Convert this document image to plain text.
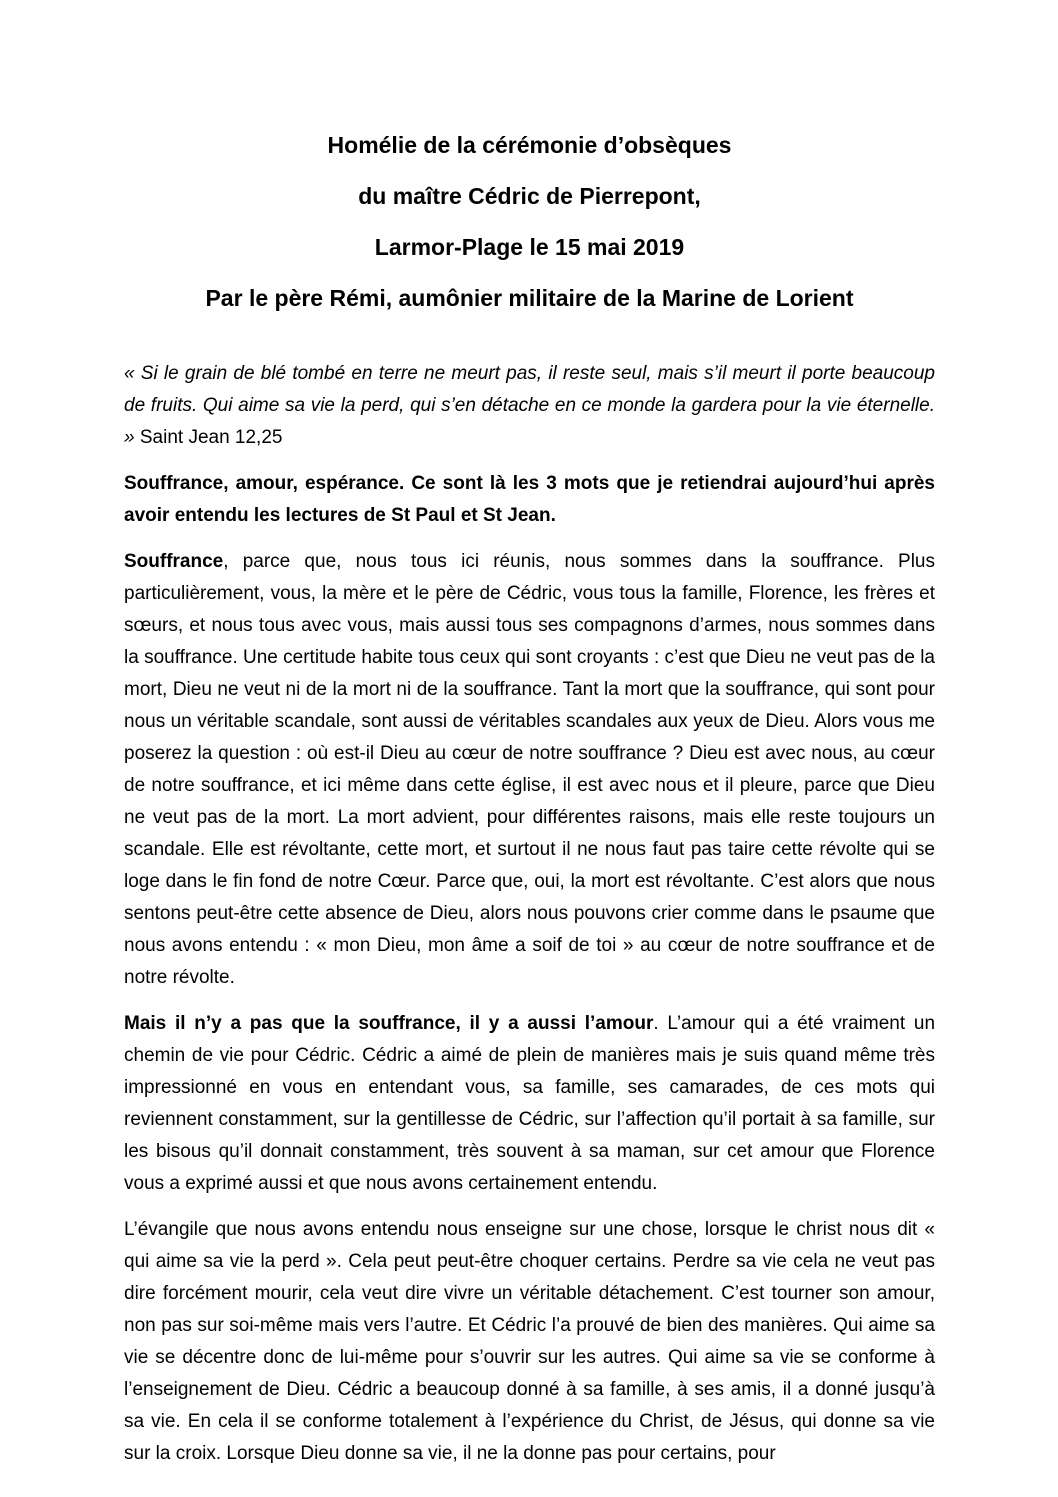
Homélie de la cérémonie d’obsèques
du maître Cédric de Pierrepont,
Larmor-Plage le 15 mai 2019
Par le père Rémi, aumônier militaire de la Marine de Lorient

« Si le grain de blé tombé en terre ne meurt pas, il reste seul, mais s’il meurt il porte beaucoup de fruits. Qui aime sa vie la perd, qui s’en détache en ce monde la gardera pour la vie éternelle. » Saint Jean 12,25

Souffrance, amour, espérance. Ce sont là les 3 mots que je retiendrai aujourd’hui après avoir entendu les lectures de St Paul et St Jean.

Souffrance, parce que, nous tous ici réunis, nous sommes dans la souffrance. Plus particulièrement, vous, la mère et le père de Cédric, vous tous la famille, Florence, les frères et sœurs, et nous tous avec vous, mais aussi tous ses compagnons d’armes, nous sommes dans la souffrance. Une certitude habite tous ceux qui sont croyants : c’est que Dieu ne veut pas de la mort, Dieu ne veut ni de la mort ni de la souffrance. Tant la mort que la souffrance, qui sont pour nous un véritable scandale, sont aussi de véritables scandales aux yeux de Dieu. Alors vous me poserez la question : où est-il Dieu au cœur de notre souffrance ? Dieu est avec nous, au cœur de notre souffrance, et ici même dans cette église, il est avec nous et il pleure, parce que Dieu ne veut pas de la mort. La mort advient, pour différentes raisons, mais elle reste toujours un scandale. Elle est révoltante, cette mort, et surtout il ne nous faut pas taire cette révolte qui se loge dans le fin fond de notre Cœur. Parce que, oui, la mort est révoltante. C’est alors que nous sentons peut-être cette absence de Dieu, alors nous pouvons crier comme dans le psaume que nous avons entendu : « mon Dieu, mon âme a soif de toi » au cœur de notre souffrance et de notre révolte.

Mais il n’y a pas que la souffrance, il y a aussi l’amour. L’amour qui a été vraiment un chemin de vie pour Cédric. Cédric a aimé de plein de manières mais je suis quand même très impressionné en vous en entendant vous, sa famille, ses camarades, de ces mots qui reviennent constamment, sur la gentillesse de Cédric, sur l’affection qu’il portait à sa famille, sur les bisous qu’il donnait constamment, très souvent à sa maman, sur cet amour que Florence vous a exprimé aussi et que nous avons certainement entendu.

L’évangile que nous avons entendu nous enseigne sur une chose, lorsque le christ nous dit « qui aime sa vie la perd ». Cela peut peut-être choquer certains. Perdre sa vie cela ne veut pas dire forcément mourir, cela veut dire vivre un véritable détachement. C’est tourner son amour, non pas sur soi-même mais vers l’autre. Et Cédric l’a prouvé de bien des manières. Qui aime sa vie se décentre donc de lui-même pour s’ouvrir sur les autres. Qui aime sa vie se conforme à l’enseignement de Dieu. Cédric a beaucoup donné à sa famille, à ses amis, il a donné jusqu’à sa vie. En cela il se conforme totalement à l’expérience du Christ, de Jésus, qui donne sa vie sur la croix. Lorsque Dieu donne sa vie, il ne la donne pas pour certains, pour
